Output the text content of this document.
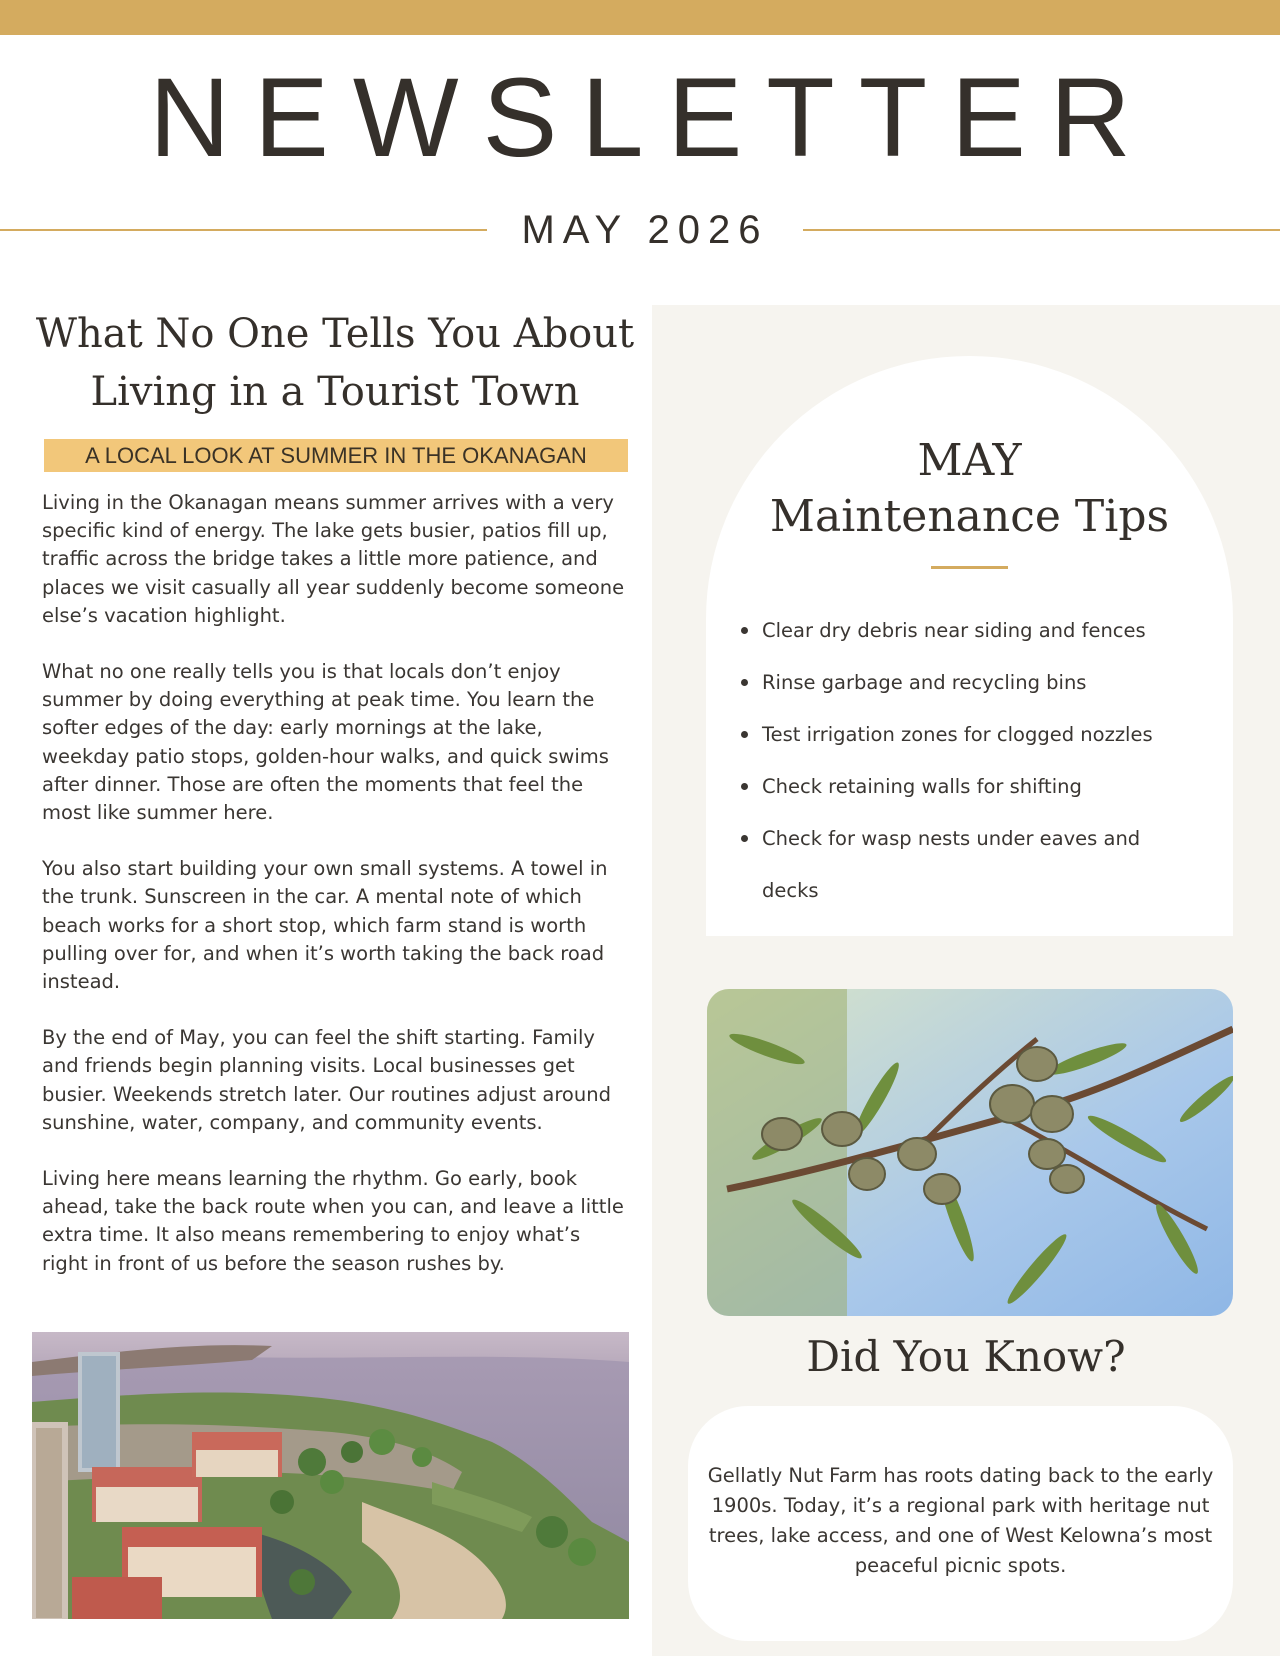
NEWSLETTER
MAY 2026
What No One Tells You About Living in a Tourist Town
A LOCAL LOOK AT SUMMER IN THE OKANAGAN

Living in the Okanagan means summer arrives with a very specific kind of energy. The lake gets busier, patios fill up, traffic across the bridge takes a little more patience, and places we visit casually all year suddenly become someone else’s vacation highlight.

What no one really tells you is that locals don’t enjoy summer by doing everything at peak time. You learn the softer edges of the day: early mornings at the lake, weekday patio stops, golden-hour walks, and quick swims after dinner. Those are often the moments that feel the most like summer here.

You also start building your own small systems. A towel in the trunk. Sunscreen in the car. A mental note of which beach works for a short stop, which farm stand is worth pulling over for, and when it’s worth taking the back road instead.

By the end of May, you can feel the shift starting. Family and friends begin planning visits. Local businesses get busier. Weekends stretch later. Our routines adjust around sunshine, water, company, and community events.

Living here means learning the rhythm. Go early, book ahead, take the back route when you can, and leave a little extra time. It also means remembering to enjoy what’s right in front of us before the season rushes by.

MAY
Maintenance Tips
Clear dry debris near siding and fences
Rinse garbage and recycling bins
Test irrigation zones for clogged nozzles
Check retaining walls for shifting
Check for wasp nests under eaves and decks
Did You Know?
Gellatly Nut Farm has roots dating back to the early 1900s. Today, it’s a regional park with heritage nut trees, lake access, and one of West Kelowna’s most peaceful picnic spots.
